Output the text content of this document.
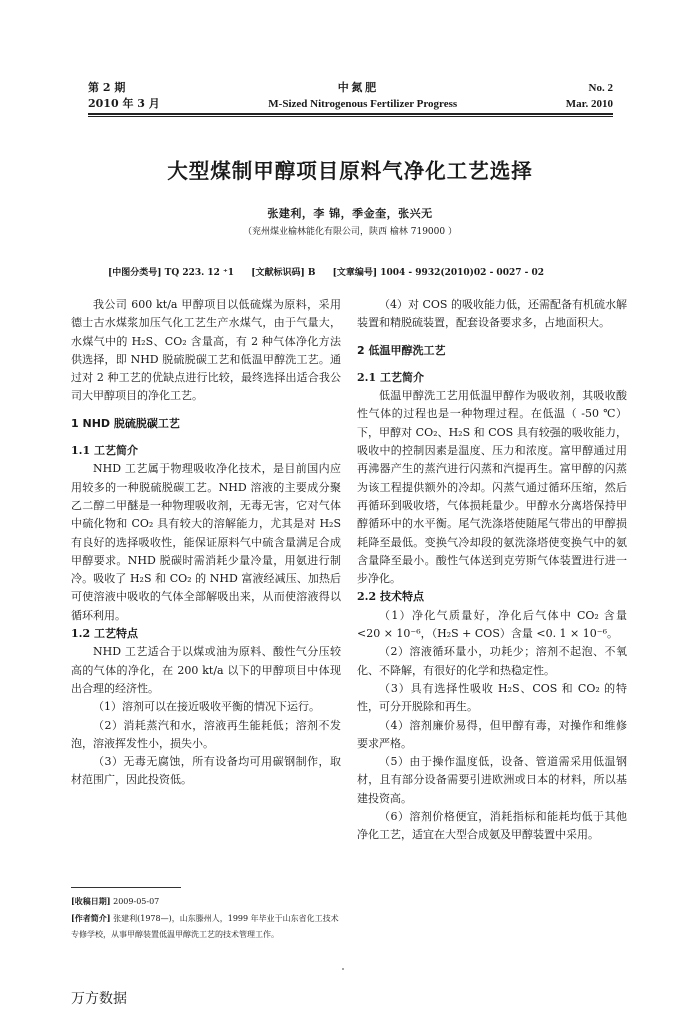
第 2 期	中 氮 肥	No. 2
2010 年 3 月	M-Sized Nitrogenous Fertilizer Progress	Mar. 2010
大型煤制甲醇项目原料气净化工艺选择
张建利，李 锦，季金奎，张兴无
（兖州煤业榆林能化有限公司，陕西 榆林 719000 ）
[中图分类号] TQ 223. 12 ⁺1 [文献标识码] B [文章编号] 1004 - 9932(2010)02 - 0027 - 02

我公司 600 kt/a 甲醇项目以低硫煤为原料，采用德士古水煤浆加压气化工艺生产水煤气，由于气量大，水煤气中的 H₂S、CO₂ 含量高，有 2 种气体净化方法供选择，即 NHD 脱硫脱碳工艺和低温甲醇洗工艺。通过对 2 种工艺的优缺点进行比较，最终选择出适合我公司大甲醇项目的净化工艺。

1 NHD 脱硫脱碳工艺
1.1 工艺简介

NHD 工艺属于物理吸收净化技术，是目前国内应用较多的一种脱硫脱碳工艺。NHD 溶液的主要成分聚乙二醇二甲醚是一种物理吸收剂，无毒无害，它对气体中硫化物和 CO₂ 具有较大的溶解能力，尤其是对 H₂S 有良好的选择吸收性，能保证原料气中硫含量满足合成甲醇要求。NHD 脱碳时需消耗少量冷量，用氨进行制冷。吸收了 H₂S 和 CO₂ 的 NHD 富液经减压、加热后可使溶液中吸收的气体全部解吸出来，从而使溶液得以循环利用。

1.2 工艺特点

NHD 工艺适合于以煤或油为原料、酸性气分压较高的气体的净化，在 200 kt/a 以下的甲醇项目中体现出合理的经济性。

（1）溶剂可以在接近吸收平衡的情况下运行。

（2）消耗蒸汽和水，溶液再生能耗低；溶剂不发泡，溶液挥发性小，损失小。

（3）无毒无腐蚀，所有设备均可用碳钢制作，取材范围广，因此投资低。

（4）对 COS 的吸收能力低，还需配备有机硫水解装置和精脱硫装置，配套设备要求多，占地面积大。

2 低温甲醇洗工艺
2.1 工艺简介

低温甲醇洗工艺用低温甲醇作为吸收剂，其吸收酸性气体的过程也是一种物理过程。在低温（ -50 ℃）下，甲醇对 CO₂、H₂S 和 COS 具有较强的吸收能力，吸收中的控制因素是温度、压力和浓度。富甲醇通过用再沸器产生的蒸汽进行闪蒸和汽提再生。富甲醇的闪蒸为该工程提供额外的冷却。闪蒸气通过循环压缩，然后再循环到吸收塔，气体损耗量少。甲醇水分离塔保持甲醇循环中的水平衡。尾气洗涤塔使随尾气带出的甲醇损耗降至最低。变换气冷却段的氨洗涤塔使变换气中的氨含量降至最小。酸性气体送到克劳斯气体装置进行进一步净化。

2.2 技术特点

（1）净化气质量好，净化后气体中 CO₂ 含量 <20 × 10⁻⁶，（H₂S + COS）含量 <0. 1 × 10⁻⁶。

（2）溶液循环量小，功耗少；溶剂不起泡、不氧化、不降解，有很好的化学和热稳定性。

（3）具有选择性吸收 H₂S、COS 和 CO₂ 的特性，可分开脱除和再生。

（4）溶剂廉价易得，但甲醇有毒，对操作和维修要求严格。

（5）由于操作温度低，设备、管道需采用低温钢材，且有部分设备需要引进欧洲或日本的材料，所以基建投资高。

（6）溶剂价格便宜，消耗指标和能耗均低于其他净化工艺，适宜在大型合成氨及甲醇装置中采用。

[收稿日期] 2009-05-07
[作者简介] 张建利(1978—)，山东滕州人，1999 年毕业于山东省化工技术专修学校，从事甲醇装置低温甲醇洗工艺的技术管理工作。
万方数据
